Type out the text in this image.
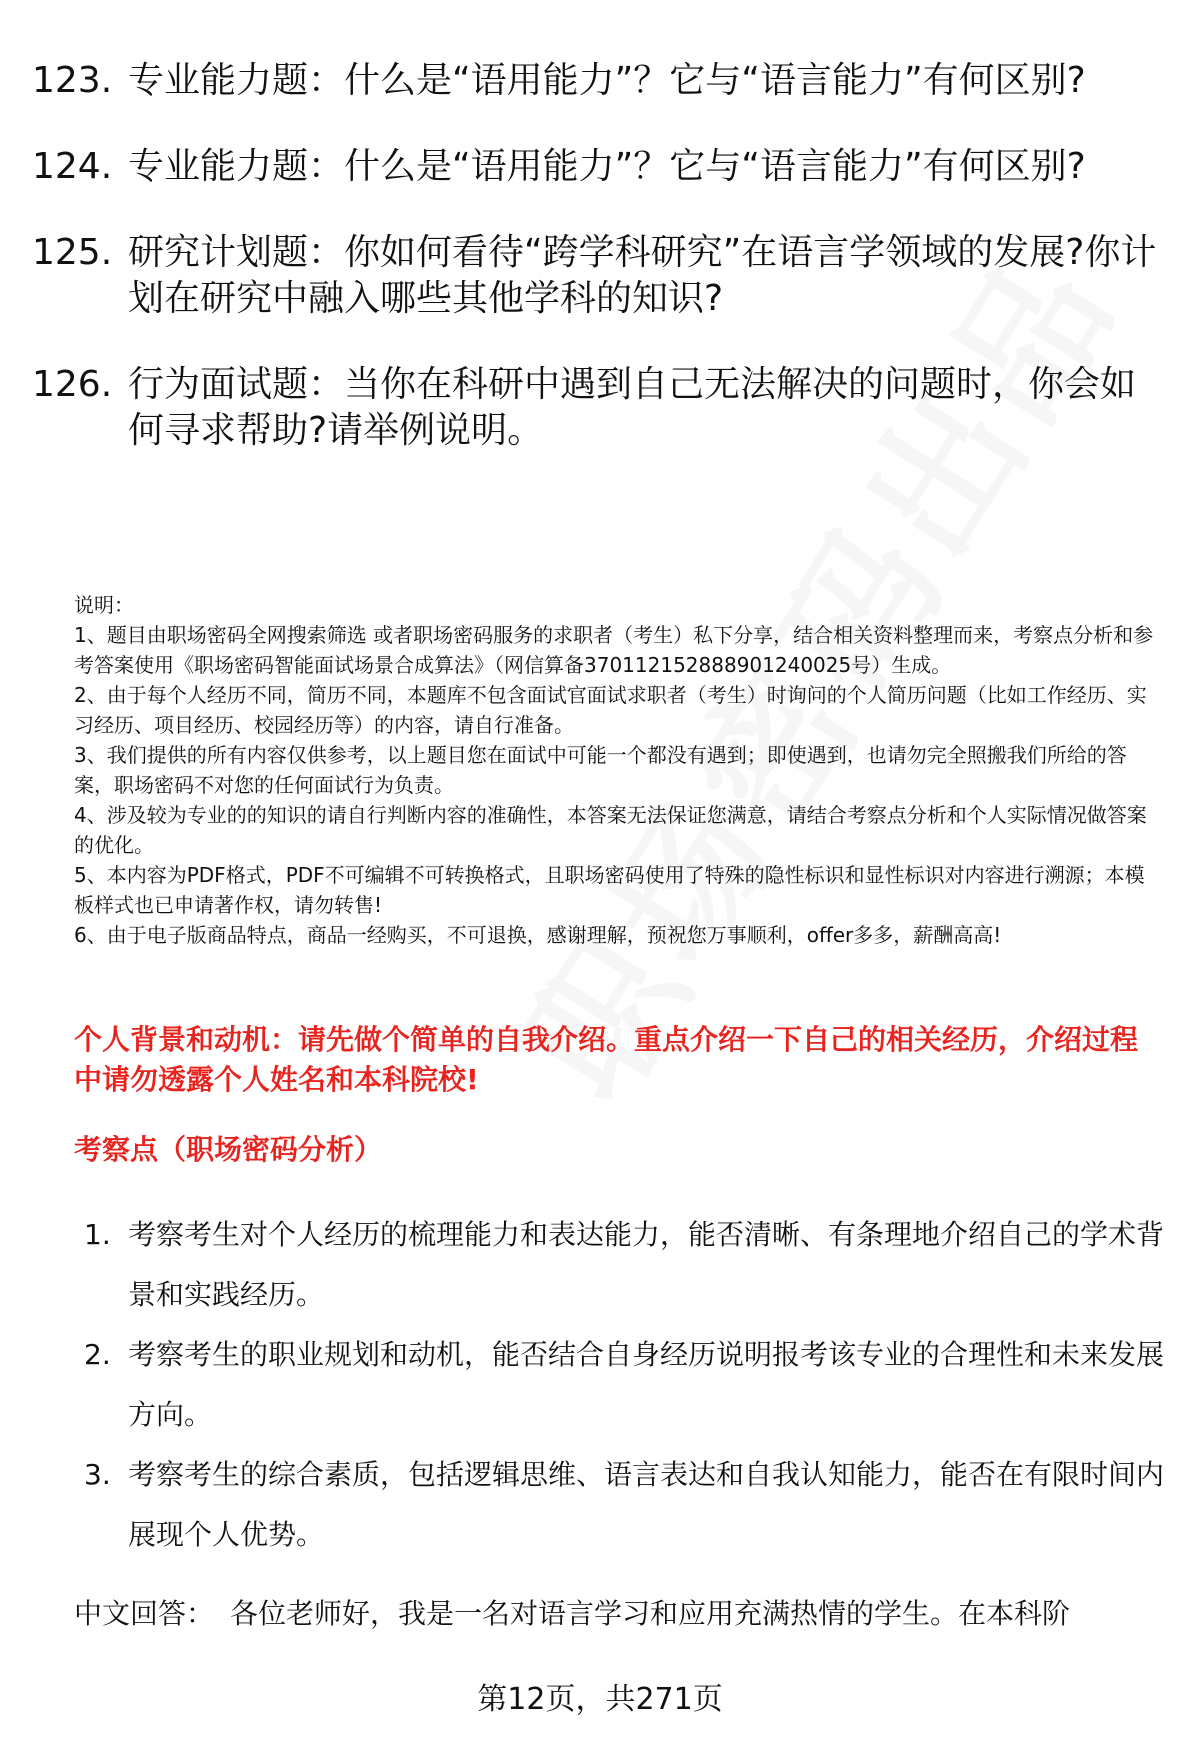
123. 专业能力题：什么是“语用能力”？它与“语言能力”有何区别?
124. 专业能力题：什么是“语用能力”？它与“语言能力”有何区别?
125. 研究计划题：你如何看待“跨学科研究”在语言学领域的发展?你计划在研究中融入哪些其他学科的知识?
126. 行为面试题：当你在科研中遇到自己无法解决的问题时，你会如何寻求帮助?请举例说明。

说明：

1、题目由职场密码全网搜索筛选 或者职场密码服务的求职者（考生）私下分享，结合相关资料整理而来，考察点分析和参考答案使用《职场密码智能面试场景合成算法》（网信算备370112152888901240025号）生成。

2、由于每个人经历不同，简历不同，本题库不包含面试官面试求职者（考生）时询问的个人简历问题（比如工作经历、实习经历、项目经历、校园经历等）的内容，请自行准备。

3、我们提供的所有内容仅供参考，以上题目您在面试中可能一个都没有遇到；即使遇到，也请勿完全照搬我们所给的答案，职场密码不对您的任何面试行为负责。

4、涉及较为专业的的知识的请自行判断内容的准确性，本答案无法保证您满意，请结合考察点分析和个人实际情况做答案的优化。

5、本内容为PDF格式，PDF不可编辑不可转换格式，且职场密码使用了特殊的隐性标识和显性标识对内容进行溯源；本模板样式也已申请著作权，请勿转售!

6、由于电子版商品特点，商品一经购买，不可退换，感谢理解，预祝您万事顺利，offer多多，薪酬高高!

个人背景和动机：请先做个简单的自我介绍。重点介绍一下自己的相关经历，介绍过程中请勿透露个人姓名和本科院校!

考察点（职场密码分析）

1. 考察考生对个人经历的梳理能力和表达能力，能否清晰、有条理地介绍自己的学术背景和实践经历。
2. 考察考生的职业规划和动机，能否结合自身经历说明报考该专业的合理性和未来发展方向。
3. 考察考生的综合素质，包括逻辑思维、语言表达和自我认知能力，能否在有限时间内展现个人优势。
中文回答： 各位老师好，我是一名对语言学习和应用充满热情的学生。在本科阶
第12页，共271页
